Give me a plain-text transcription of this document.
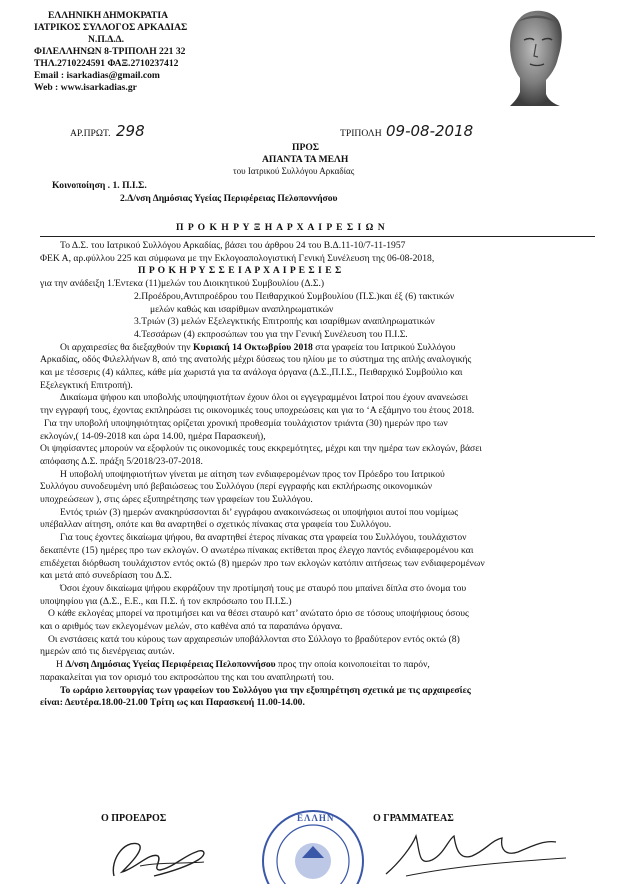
ΕΛΛΗΝΙΚΗ ΔΗΜΟΚΡΑΤΙΑ
ΙΑΤΡΙΚΟΣ ΣΥΛΛΟΓΟΣ ΑΡΚΑΔΙΑΣ
Ν.Π.Δ.Δ.
ΦΙΛΕΛΛΗΝΩΝ 8-ΤΡΙΠΟΛΗ 221 32
ΤΗΛ.2710224591 ΦΑΞ.2710237412
Email : isarkadias@gmail.com
Web : www.isarkadias.gr
ΑΡ.ΠΡΩΤ. 298	ΤΡΙΠΟΛΗ 09-08-2018
ΠΡΟΣ
ΑΠΑΝΤΑ ΤΑ ΜΕΛΗ
του Ιατρικού Συλλόγου Αρκαδίας
Κοινοποίηση . 1. Π.Ι.Σ.
2.Δ/νση Δημόσιας Υγείας Περιφέρειας Πελοποννήσου
Π Ρ Ο Κ Η Ρ Υ Ξ Η Α Ρ Χ Α Ι Ρ Ε Σ Ι Ω Ν
Το Δ.Σ. του Ιατρικού Συλλόγου Αρκαδίας, βάσει του άρθρου 24 του Β.Δ.11-10/7-11-1957
ΦΕΚ Α, αρ.φύλλου 225 και σύμφωνα με την Εκλογοαπολογιστική Γενική Συνέλευση της 06-08-2018,
Π Ρ Ο Κ Η Ρ Υ Σ Σ Ε Ι Α Ρ Χ Α Ι Ρ Ε Σ Ι Ε Σ
για την ανάδειξη 1.Έντεκα (11)μελών του Διοικητικού Συμβουλίου (Δ.Σ.)
2.Προέδρου,Αντιπροέδρου του Πειθαρχικού Συμβουλίου (Π.Σ.)και έξ (6) τακτικών
μελών καθώς και ισαρίθμων αναπληρωματικών
3.Τριών (3) μελών Εξελεγκτικής Επιτροπής και ισαρίθμων αναπληρωματικών
4.Τεσσάρων (4) εκπροσώπων του για την Γενική Συνέλευση του Π.Ι.Σ.
Οι αρχαιρεσίες θα διεξαχθούν την Κυριακή 14 Οκτωβρίου 2018 στα γραφεία του Ιατρικού Συλλόγου
Αρκαδίας, οδός Φιλελλήνων 8, από της ανατολής μέχρι δύσεως του ηλίου με το σύστημα της απλής αναλογικής
και με τέσσερις (4) κάλπες, κάθε μία χωριστά για τα ανάλογα όργανα (Δ.Σ.,Π.Ι.Σ., Πειθαρχικό Συμβούλιο και
Εξελεγκτική Επιτροπή).
Δικαίωμα ψήφου και υποβολής υποψηφιοτήτων έχουν όλοι οι εγγεγραμμένοι Ιατροί που έχουν ανανεώσει
την εγγραφή τους, έχοντας εκπληρώσει τις οικονομικές τους υποχρεώσεις και για το ‘Α εξάμηνο του έτους 2018.
Για την υποβολή υποψηφιότητας ορίζεται χρονική προθεσμία τουλάχιστον τριάντα (30) ημερών προ των
εκλογών,( 14-09-2018 και ώρα 14.00, ημέρα Παρασκευή),
Οι ψηφίσαντες μπορούν να εξοφλούν τις οικονομικές τους εκκρεμότητες, μέχρι και την ημέρα των εκλογών, βάσει
απόφασης Δ.Σ. πράξη 5/2018/23-07-2018.
Η υποβολή υποψηφιοτήτων γίνεται με αίτηση των ενδιαφερομένων προς τον Πρόεδρο του Ιατρικού
Συλλόγου συνοδευμένη υπό βεβαιώσεως του Συλλόγου (περί εγγραφής και εκπλήρωσης οικονομικών
υποχρεώσεων ), στις ώρες εξυπηρέτησης των γραφείων του Συλλόγου.
Εντός τριών (3) ημερών ανακηρύσσονται δι’ εγγράφου ανακοινώσεως οι υποψήφιοι αυτοί που νομίμως
υπέβαλλαν αίτηση, οπότε και θα αναρτηθεί ο σχετικός πίνακας στα γραφεία του Συλλόγου.
Για τους έχοντες δικαίωμα ψήφου, θα αναρτηθεί έτερος πίνακας στα γραφεία του Συλλόγου, τουλάχιστον
δεκαπέντε (15) ημέρες προ των εκλογών. Ο ανωτέρω πίνακας εκτίθεται προς έλεγχο παντός ενδιαφερομένου και
επιδέχεται διόρθωση τουλάχιστον εντός οκτώ (8) ημερών προ των εκλογών κατόπιν αιτήσεως των ενδιαφερομένων
και μετά από συνεδρίαση του Δ.Σ.
Όσοι έχουν δικαίωμα ψήφου εκφράζουν την προτίμησή τους με σταυρό που μπαίνει δίπλα στο όνομα του
υποψηφίου για (Δ.Σ., Ε.Ε., και Π.Σ. ή τον εκπρόσωπο του Π.Ι.Σ.)
Ο κάθε εκλογέας μπορεί να προτιμήσει και να θέσει σταυρό κατ’ ανώτατο όριο σε τόσους υποψήφιους όσους
και ο αριθμός των εκλεγομένων μελών, στο καθένα από τα παραπάνω όργανα.
Οι ενστάσεις κατά του κύρους των αρχαιρεσιών υποβάλλονται στο Σύλλογο το βραδύτερον εντός οκτώ (8)
ημερών από τις διενέργειας αυτών.
Η Δ/νση Δημόσιας Υγείας Περιφέρειας Πελοποννήσου προς την οποία κοινοποιείται το παρόν,
παρακαλείται για τον ορισμό του εκπροσώπου της και του αναπληρωτή του.
Το ωράριο λειτουργίας των γραφείων του Συλλόγου για την εξυπηρέτηση σχετικά με τις αρχαιρεσίες
είναι: Δευτέρα.18.00-21.00 Τρίτη ως και Παρασκευή 11.00-14.00.
Ο ΠΡΟΕΔΡΟΣ	Ο ΓΡΑΜΜΑΤΕΑΣ
ΕΛΛΗΝ
